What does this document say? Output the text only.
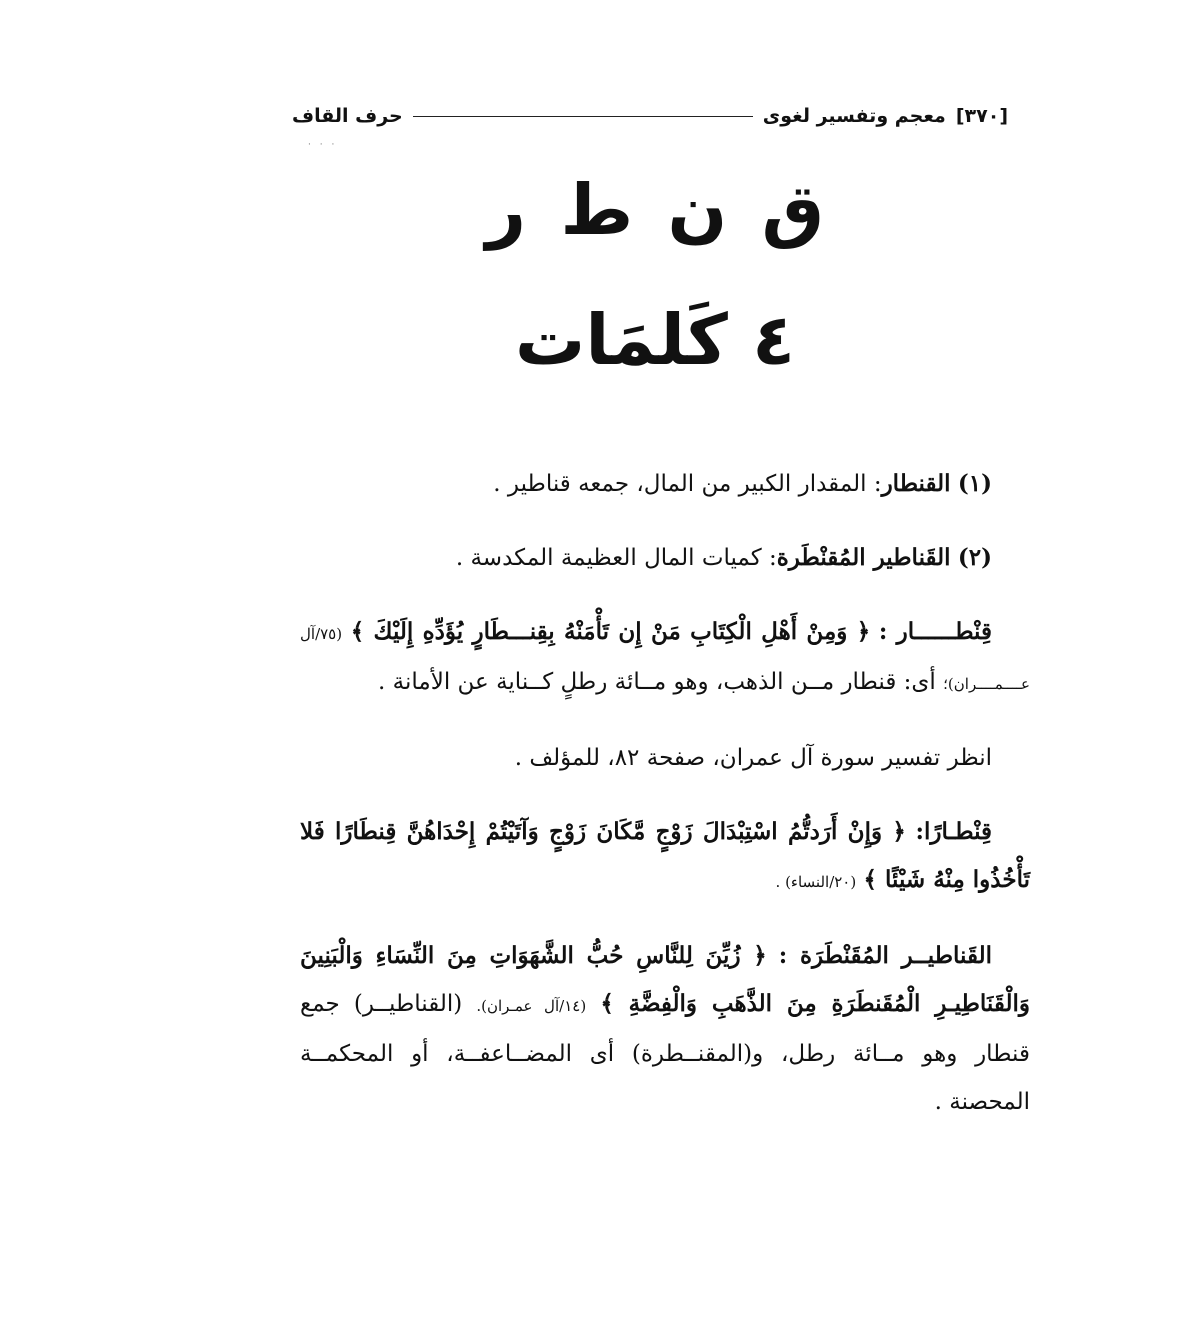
[٣٧٠]
معجم وتفسير لغوى
حرف القاف
· · ·
ق ن ط ر
٤ كَلمَات

(١) القنطار: المقدار الكبير من المال، جمعه قناطير .

(٢) القَناطير المُقنْطَرة: كميات المال العظيمة المكدسة .

قِنْطــــــار : ﴿ وَمِنْ أَهْلِ الْكِتَابِ مَنْ إِن تَأْمَنْهُ بِقِنـــطَارٍ يُؤَدِّهِ إِلَيْكَ ﴾ (٧٥/آل عــــمــــران)؛ أى: قنطار مــن الذهب، وهو مــائة رطلٍ كــناية عن الأمانة .

انظر تفسير سورة آل عمران، صفحة ٨٢، للمؤلف .

قِنْطـارًا: ﴿ وَإِنْ أَرَدتُّمُ اسْتِبْدَالَ زَوْجٍ مَّكَانَ زَوْجٍ وَآتَيْتُمْ إِحْدَاهُنَّ قِنطَارًا فَلا تَأْخُذُوا مِنْهُ شَيْئًا ﴾ (٢٠/النساء) .

القَناطيــر المُقَنْطَرَة : ﴿ زُيِّنَ لِلنَّاسِ حُبُّ الشَّهَوَاتِ مِنَ النِّسَاءِ وَالْبَنِينَ وَالْقَنَاطِيـرِ الْمُقَنطَرَةِ مِنَ الذَّهَبِ وَالْفِضَّةِ ﴾ (١٤/آل عمـران). (القناطيــر) جمع قنطار وهو مــائة رطل، و(المقنــطرة) أى المضــاعفــة، أو المحكمــة المحصنة .
